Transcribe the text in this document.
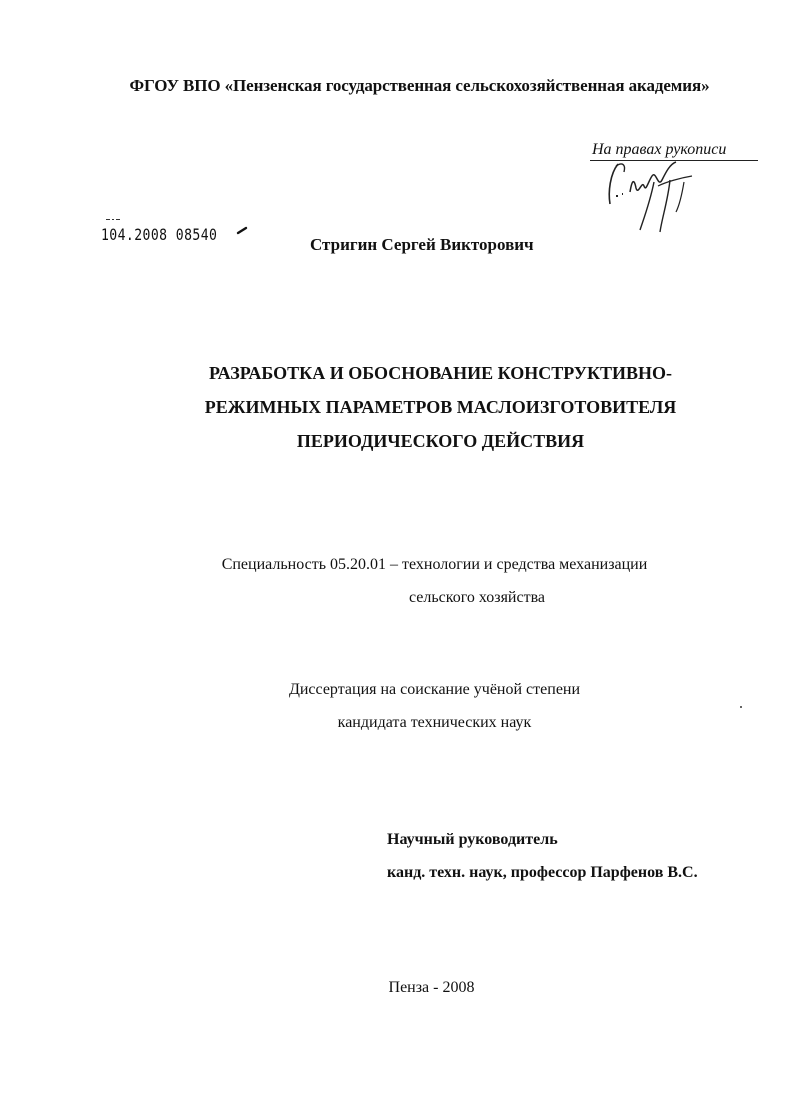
ФГОУ ВПО «Пензенская государственная сельскохозяйственная академия»
На правах рукописи
104.2008 08540
Стригин Сергей Викторович
РАЗРАБОТКА И ОБОСНОВАНИЕ КОНСТРУКТИВНО-
РЕЖИМНЫХ ПАРАМЕТРОВ МАСЛОИЗГОТОВИТЕЛЯ
ПЕРИОДИЧЕСКОГО ДЕЙСТВИЯ
Специальность 05.20.01 – технологии и средства механизации
сельского хозяйства
Диссертация на соискание учёной степени
кандидата технических наук
Научный руководитель
канд. техн. наук, профессор Парфенов В.С.
Пенза - 2008
